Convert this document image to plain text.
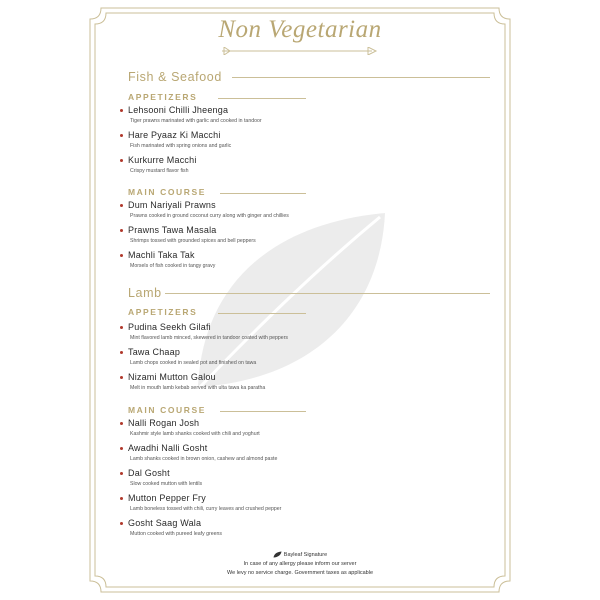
Non Vegetarian
Fish & Seafood
APPETIZERS
Lehsooni Chilli Jheenga
Tiger prawns marinated with garlic and cooked in tandoor
Hare Pyaaz Ki Macchi
Fish marinated with spring onions and garlic
Kurkurre Macchi
Crispy mustard flavor fish
MAIN COURSE
Dum Nariyali Prawns
Prawns cooked in ground coconut curry along with ginger and chillies
Prawns Tawa Masala
Shrimps tossed with grounded spices and bell peppers
Machli Taka Tak
Morsels of fish cooked in tangy gravy
Lamb
APPETIZERS
Pudina Seekh Gilafi
Mint flavored lamb minced, skewered in tandoor coated with peppers
Tawa Chaap
Lamb chops cooked in sealed pot and finished on tawa
Nizami Mutton Galou
Melt in mouth lamb kebab served with ulta tawa ka paratha
MAIN COURSE
Nalli Rogan Josh
Kashmir style lamb shanks cooked with chili and yoghurt
Awadhi Nalli Gosht
Lamb shanks cooked in brown onion, cashew and almond paste
Dal Gosht
Slow cooked mutton with lentils
Mutton Pepper Fry
Lamb boneless tossed with chili, curry leaves and crushed pepper
Gosht Saag Wala
Mutton cooked with pureed leafy greens
Bayleaf Signature
In case of any allergy please inform our server
We levy no service charge. Government taxes as applicable
